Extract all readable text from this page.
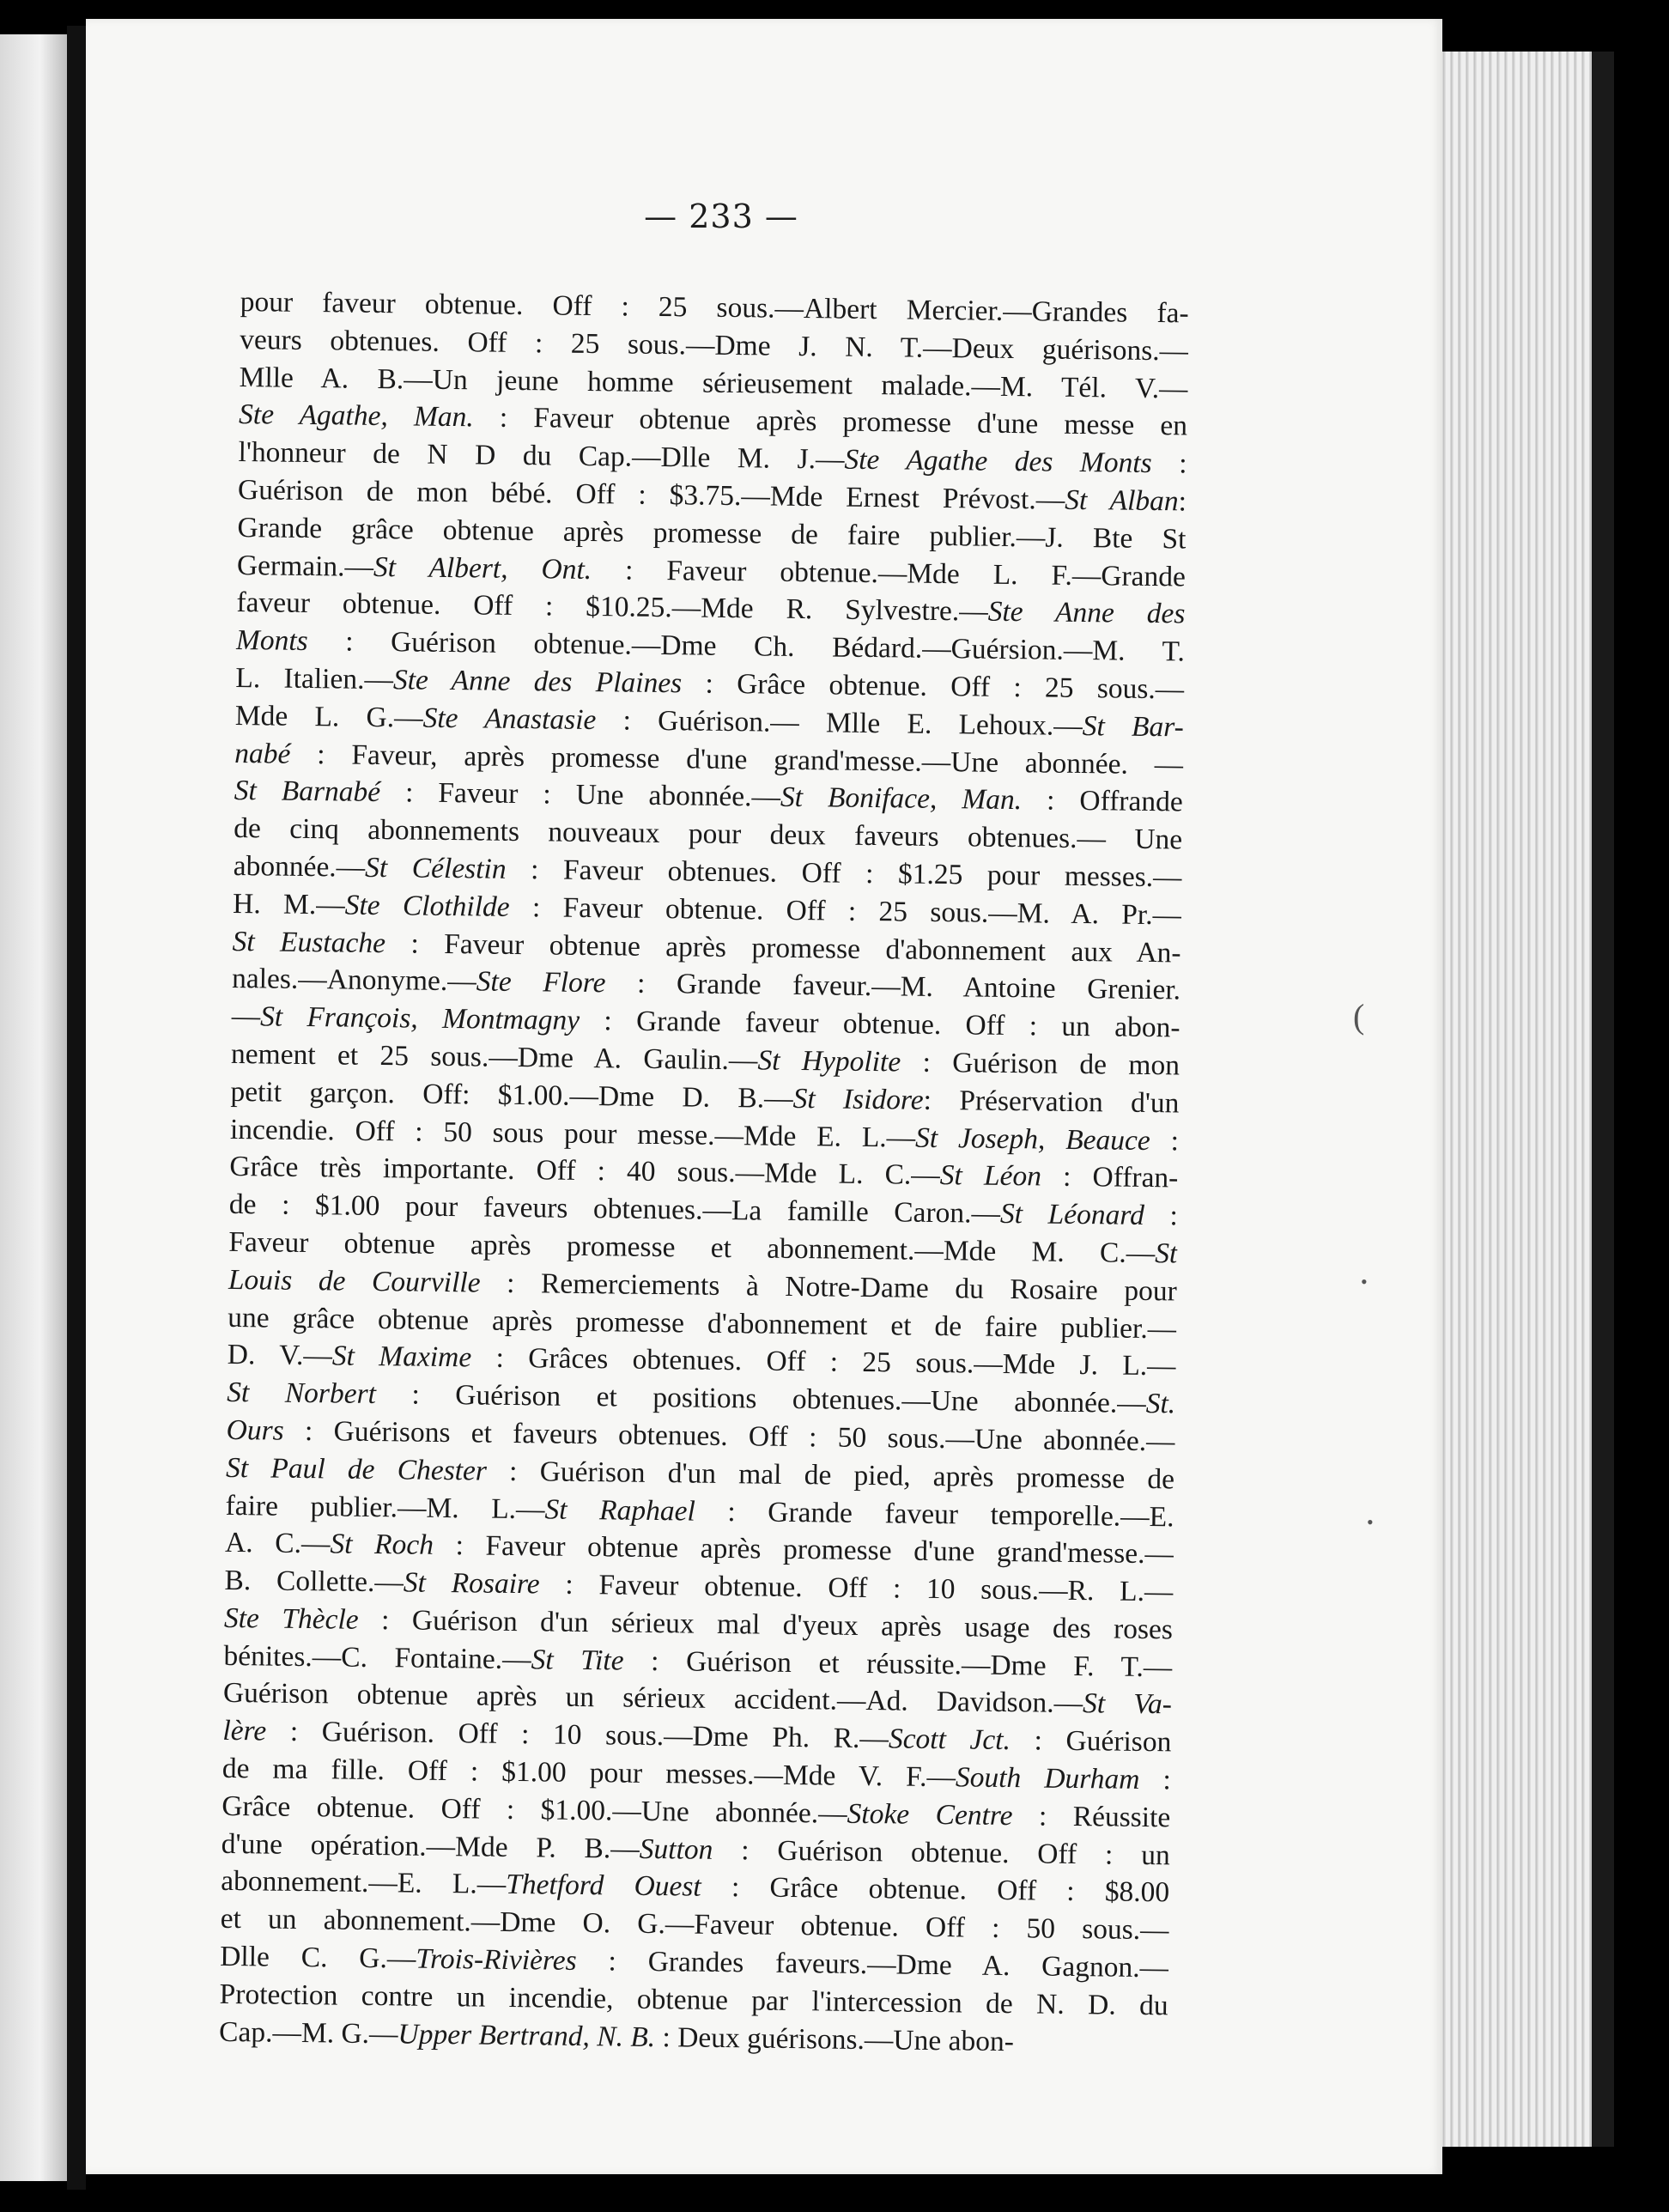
— 233 —
pour faveur obtenue. Off : 25 sous.—Albert Mercier.—Grandes fa-
veurs obtenues. Off : 25 sous.—Dme J. N. T.—Deux guérisons.—
Mlle A. B.—Un jeune homme sérieusement malade.—M. Tél. V.—
Ste Agathe, Man. : Faveur obtenue après promesse d'une messe en
l'honneur de N D du Cap.—Dlle M. J.—Ste Agathe des Monts :
Guérison de mon bébé. Off : $3.75.—Mde Ernest Prévost.—St Alban:
Grande grâce obtenue après promesse de faire publier.—J. Bte St
Germain.—St Albert, Ont. : Faveur obtenue.—Mde L. F.—Grande
faveur obtenue. Off : $10.25.—Mde R. Sylvestre.—Ste Anne des
Monts : Guérison obtenue.—Dme Ch. Bédard.—Guérsion.—M. T.
L. Italien.—Ste Anne des Plaines : Grâce obtenue. Off : 25 sous.—
Mde L. G.—Ste Anastasie : Guérison.— Mlle E. Lehoux.—St Bar-
nabé : Faveur, après promesse d'une grand'messe.—Une abonnée. —
St Barnabé : Faveur : Une abonnée.—St Boniface, Man. : Offrande
de cinq abonnements nouveaux pour deux faveurs obtenues.— Une
abonnée.—St Célestin : Faveur obtenues. Off : $1.25 pour messes.—
H. M.—Ste Clothilde : Faveur obtenue. Off : 25 sous.—M. A. Pr.—
St Eustache : Faveur obtenue après promesse d'abonnement aux An-
nales.—Anonyme.—Ste Flore : Grande faveur.—M. Antoine Grenier.
—St François, Montmagny : Grande faveur obtenue. Off : un abon-
nement et 25 sous.—Dme A. Gaulin.—St Hypolite : Guérison de mon
petit garçon. Off: $1.00.—Dme D. B.—St Isidore: Préservation d'un
incendie. Off : 50 sous pour messe.—Mde E. L.—St Joseph, Beauce :
Grâce très importante. Off : 40 sous.—Mde L. C.—St Léon : Offran-
de : $1.00 pour faveurs obtenues.—La famille Caron.—St Léonard :
Faveur obtenue après promesse et abonnement.—Mde M. C.—St
Louis de Courville : Remerciements à Notre-Dame du Rosaire pour
une grâce obtenue après promesse d'abonnement et de faire publier.—
D. V.—St Maxime : Grâces obtenues. Off : 25 sous.—Mde J. L.—
St Norbert : Guérison et positions obtenues.—Une abonnée.—St.
Ours : Guérisons et faveurs obtenues. Off : 50 sous.—Une abonnée.—
St Paul de Chester : Guérison d'un mal de pied, après promesse de
faire publier.—M. L.—St Raphael : Grande faveur temporelle.—E.
A. C.—St Roch : Faveur obtenue après promesse d'une grand'messe.—
B. Collette.—St Rosaire : Faveur obtenue. Off : 10 sous.—R. L.—
Ste Thècle : Guérison d'un sérieux mal d'yeux après usage des roses
bénites.—C. Fontaine.—St Tite : Guérison et réussite.—Dme F. T.—
Guérison obtenue après un sérieux accident.—Ad. Davidson.—St Va-
lère : Guérison. Off : 10 sous.—Dme Ph. R.—Scott Jct. : Guérison
de ma fille. Off : $1.00 pour messes.—Mde V. F.—South Durham :
Grâce obtenue. Off : $1.00.—Une abonnée.—Stoke Centre : Réussite
d'une opération.—Mde P. B.—Sutton : Guérison obtenue. Off : un
abonnement.—E. L.—Thetford Ouest : Grâce obtenue. Off : $8.00
et un abonnement.—Dme O. G.—Faveur obtenue. Off : 50 sous.—
Dlle C. G.—Trois-Rivières : Grandes faveurs.—Dme A. Gagnon.—
Protection contre un incendie, obtenue par l'intercession de N. D. du
Cap.—M. G.—Upper Bertrand, N. B. : Deux guérisons.—Une abon-
(
•
•
